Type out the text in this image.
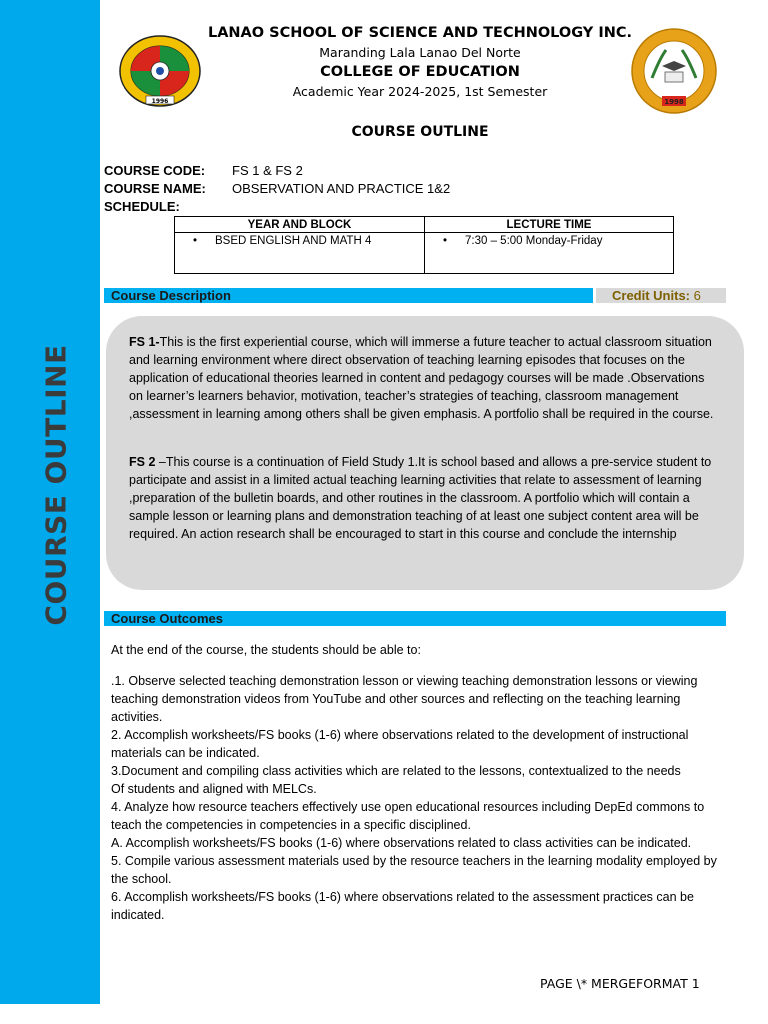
COURSE OUTLINE
1996	1998
LANAO SCHOOL OF SCIENCE AND TECHNOLOGY INC.
Maranding Lala Lanao Del Norte
COLLEGE OF EDUCATION
Academic Year 2024-2025, 1st Semester
COURSE OUTLINE
COURSE CODE: FS 1 & FS 2
COURSE NAME: OBSERVATION AND PRACTICE 1&2
SCHEDULE:
YEAR AND BLOCK	LECTURE TIME
• BSED ENGLISH AND MATH 4	• 7:30 – 5:00 Monday-Friday
Course Description	Credit Units: 6
FS 1-This is the first experiential course, which will immerse a future teacher to actual classroom situation and learning environment where direct observation of teaching learning episodes that focuses on the application of educational theories learned in content and pedagogy courses will be made .Observations on learner’s learners behavior, motivation, teacher’s strategies of teaching, classroom management ,assessment in learning among others shall be given emphasis. A portfolio shall be required in the course.
FS 2 –This course is a continuation of Field Study 1.It is school based and allows a pre-service student to participate and assist in a limited actual teaching learning activities that relate to assessment of learning ,preparation of the bulletin boards, and other routines in the classroom. A portfolio which will contain a sample lesson or learning plans and demonstration teaching of at least one subject content area will be required. An action research shall be encouraged to start in this course and conclude the internship
Course Outcomes
At the end of the course, the students should be able to:

.1. Observe selected teaching demonstration lesson or viewing teaching demonstration lessons or viewing teaching demonstration videos from YouTube and other sources and reflecting on the teaching learning activities.

2. Accomplish worksheets/FS books (1-6) where observations related to the development of instructional materials can be indicated.

3.Document and compiling class activities which are related to the lessons, contextualized to the needs

Of students and aligned with MELCs.

4. Analyze how resource teachers effectively use open educational resources including DepEd commons to teach the competencies in competencies in a specific disciplined.

A. Accomplish worksheets/FS books (1-6) where observations related to class activities can be indicated.

5. Compile various assessment materials used by the resource teachers in the learning modality employed by the school.

6. Accomplish worksheets/FS books (1-6) where observations related to the assessment practices can be indicated.

PAGE \* MERGEFORMAT 1
